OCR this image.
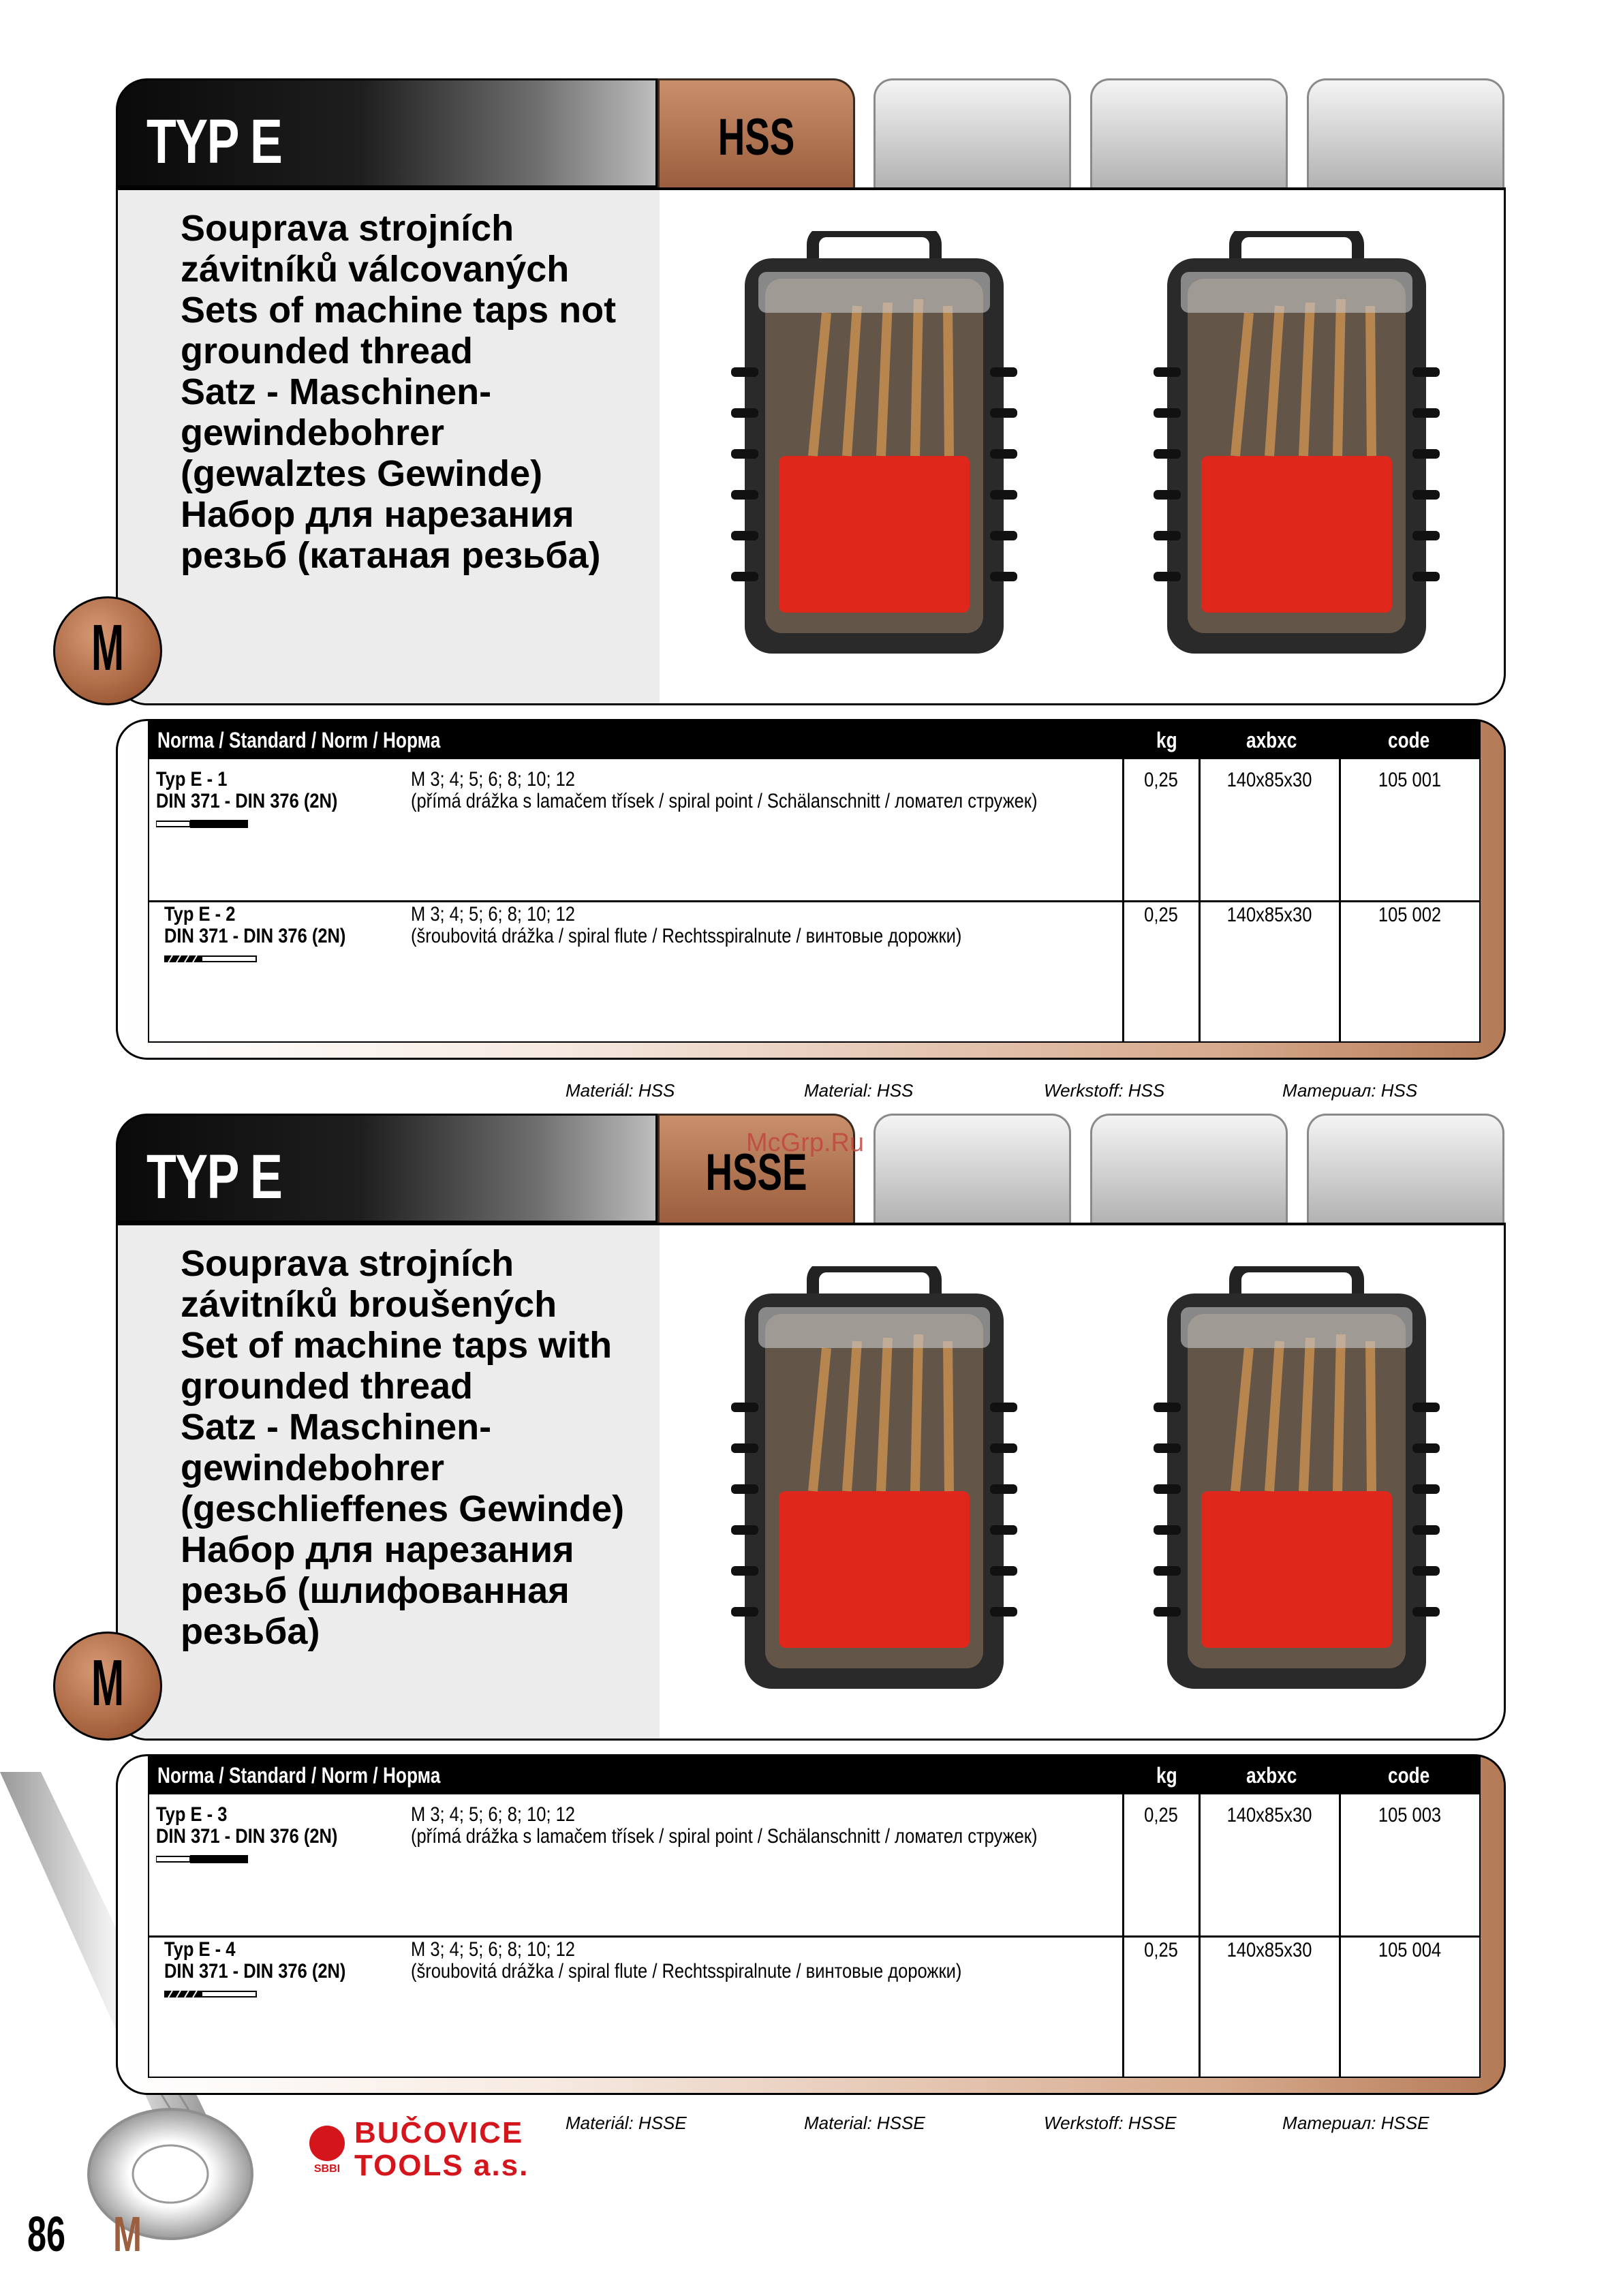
TYP E	HSS
Souprava strojních
závitníků válcovaných
Sets of machine taps not
grounded thread
Satz - Maschinen-
gewindebohrer
(gewalztes Gewinde)
Набор для нарезания
резьб (катаная резьба)
M
Norma / Standard / Norm / Норма	kg	axbxc	code
Typ E - 1
DIN 371 - DIN 376 (2N)
M 3; 4; 5; 6; 8; 10; 12
(přímá drážka s lamačem třísek / spiral point / Schälanschnitt / ломател стружек)
0,25	140x85x30	105 001
Typ E - 2
DIN 371 - DIN 376 (2N)
M 3; 4; 5; 6; 8; 10; 12
(šroubovitá drážka / spiral flute / Rechtsspiralnute / винтовые дорожки)
0,25	140x85x30	105 002
Materiál: HSS	Material: HSS	Werkstoff: HSS	Материал: HSS
TYP E	HSSE
Souprava strojních
závitníků broušených
Set of machine taps with
grounded thread
Satz - Maschinen-
gewindebohrer
(geschlieffenes Gewinde)
Набор для нарезания
резьб (шлифованная
резьба)
M
Norma / Standard / Norm / Норма	kg	axbxc	code
Typ E - 3
DIN 371 - DIN 376 (2N)
M 3; 4; 5; 6; 8; 10; 12
(přímá drážka s lamačem třísek / spiral point / Schälanschnitt / ломател стружек)
0,25	140x85x30	105 003
Typ E - 4
DIN 371 - DIN 376 (2N)
M 3; 4; 5; 6; 8; 10; 12
(šroubovitá drážka / spiral flute / Rechtsspiralnute / винтовые дорожки)
0,25	140x85x30	105 004
Materiál: HSSE	Material: HSSE	Werkstoff: HSSE	Материал: HSSE
McGrp.Ru
SBBI
BUČOVICE
TOOLS a.s.
86 M
